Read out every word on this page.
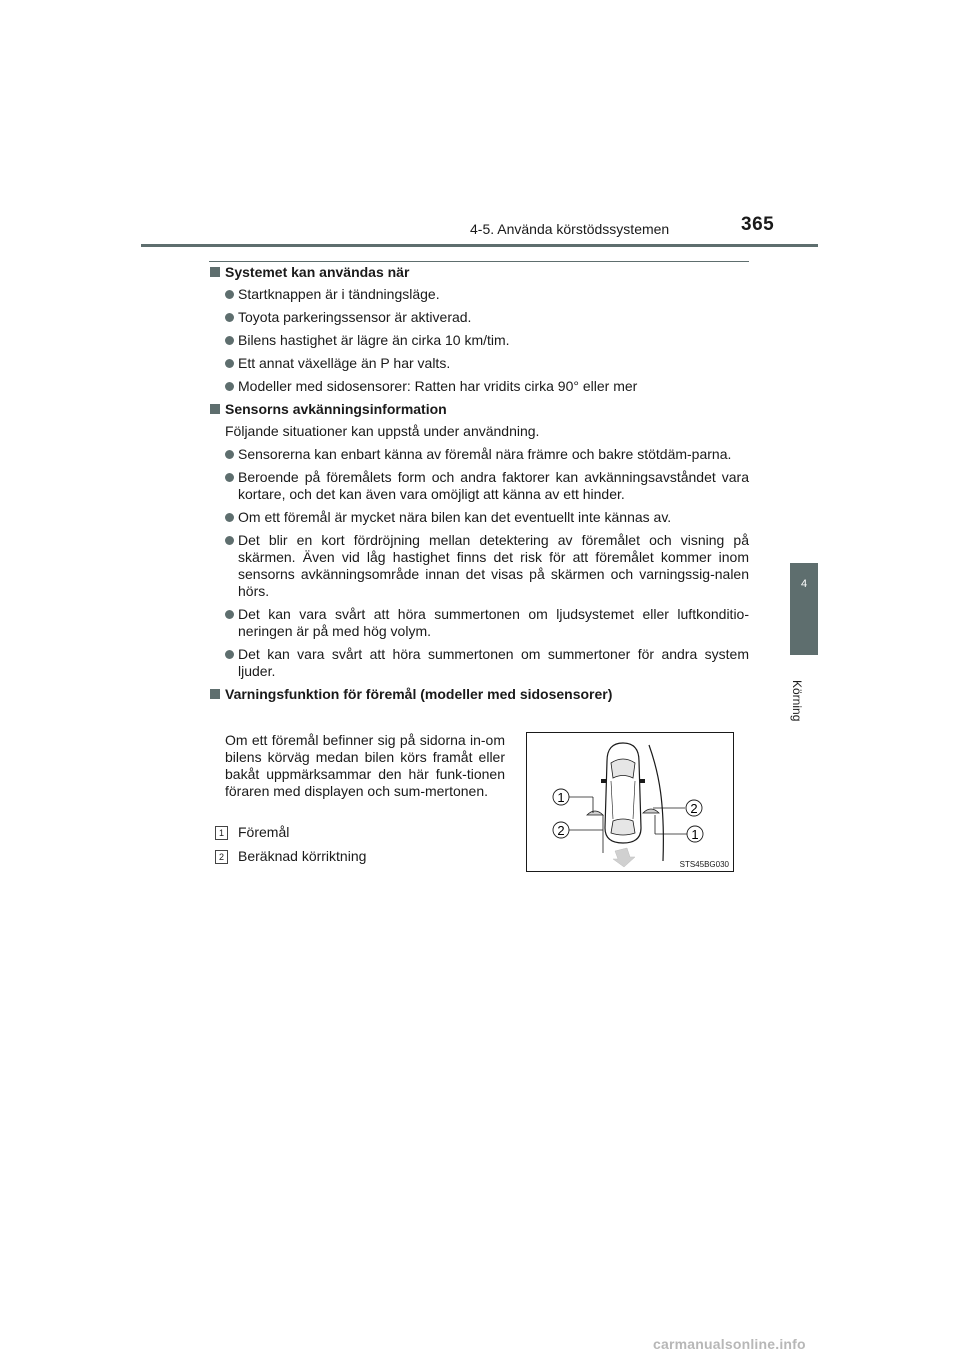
4-5. Använda körstödssystemen	365
4
Körning
Systemet kan användas när
Startknappen är i tändningsläge.
Toyota parkeringssensor är aktiverad.
Bilens hastighet är lägre än cirka 10 km/tim.
Ett annat växelläge än P har valts.
Modeller med sidosensorer: Ratten har vridits cirka 90° eller mer
Sensorns avkänningsinformation
Följande situationer kan uppstå under användning.
Sensorerna kan enbart känna av föremål nära främre och bakre stötdäm-parna.
Beroende på föremålets form och andra faktorer kan avkänningsavståndet vara kortare, och det kan även vara omöjligt att känna av ett hinder.
Om ett föremål är mycket nära bilen kan det eventuellt inte kännas av.
Det blir en kort fördröjning mellan detektering av föremålet och visning på skärmen. Även vid låg hastighet finns det risk för att föremålet kommer inom sensorns avkänningsområde innan det visas på skärmen och varningssig-nalen hörs.
Det kan vara svårt att höra summertonen om ljudsystemet eller luftkonditio-neringen är på med hög volym.
Det kan vara svårt att höra summertonen om summertoner för andra system ljuder.
Varningsfunktion för föremål (modeller med sidosensorer)
Om ett föremål befinner sig på sidorna in-om bilens körväg medan bilen körs framåt eller bakåt uppmärksammar den här funk-tionen föraren med displayen och sum-mertonen.
1 Föremål
2 Beräknad körriktning
1
2
2
1
STS45BG030
carmanualsonline.info
